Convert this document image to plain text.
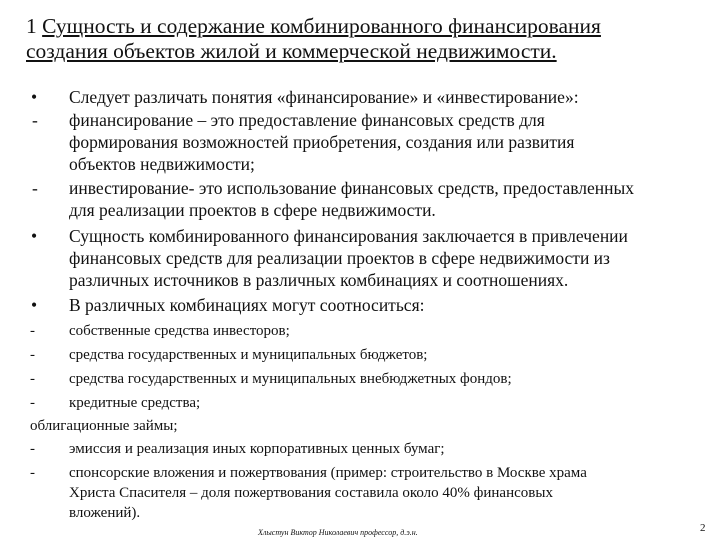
1 Сущность и содержание комбинированного финансирования
создания объектов жилой и коммерческой недвижимости.
•	Следует различать понятия «финансирование» и «инвестирование»:
-	финансирование – это предоставление финансовых средств для
формирования возможностей приобретения, создания или развития
объектов недвижимости;
-	инвестирование- это использование финансовых средств, предоставленных
для реализации проектов в сфере недвижимости.
•	Сущность комбинированного финансирования заключается в привлечении
финансовых средств для реализации проектов в сфере недвижимости из
различных источников в различных комбинациях и соотношениях.
•	В различных комбинациях могут соотноситься:
-	собственные средства инвесторов;
-	средства государственных и муниципальных бюджетов;
-	средства государственных и муниципальных внебюджетных фондов;
-	кредитные средства;
облигационные займы;
-	эмиссия и реализация иных корпоративных ценных бумаг;
-	спонсорские вложения и пожертвования (пример: строительство в Москве храма
Христа Спасителя – доля пожертвования составила около 40% финансовых
вложений).
Хлыстун Виктор Николаевич профессор, д.э.н.	2
